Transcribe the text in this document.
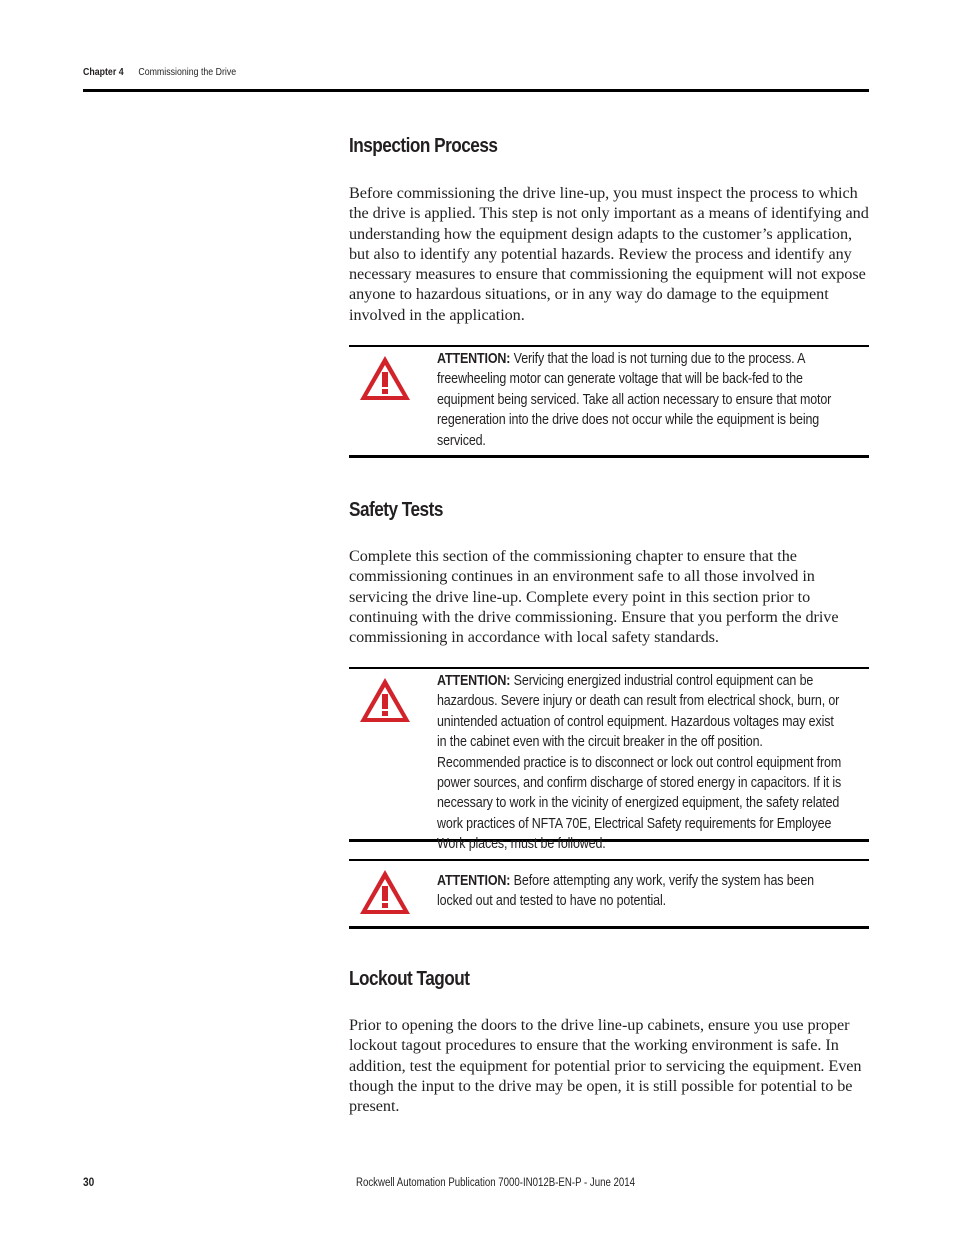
Chapter 4 Commissioning the Drive
Inspection Process

Before commissioning the drive line-up, you must inspect the process to which the drive is applied. This step is not only important as a means of identifying and understanding how the equipment design adapts to the customer’s application, but also to identify any potential hazards. Review the process and identify any necessary measures to ensure that commissioning the equipment will not expose anyone to hazardous situations, or in any way do damage to the equipment involved in the application.

ATTENTION: Verify that the load is not turning due to the process. A freewheeling motor can generate voltage that will be back-fed to the equipment being serviced. Take all action necessary to ensure that motor regeneration into the drive does not occur while the equipment is being serviced.
Safety Tests

Complete this section of the commissioning chapter to ensure that the commissioning continues in an environment safe to all those involved in servicing the drive line-up. Complete every point in this section prior to continuing with the drive commissioning. Ensure that you perform the drive commissioning in accordance with local safety standards.

ATTENTION: Servicing energized industrial control equipment can be hazardous. Severe injury or death can result from electrical shock, burn, or unintended actuation of control equipment. Hazardous voltages may exist in the cabinet even with the circuit breaker in the off position. Recommended practice is to disconnect or lock out control equipment from power sources, and confirm discharge of stored energy in capacitors. If it is necessary to work in the vicinity of energized equipment, the safety related work practices of NFTA 70E, Electrical Safety requirements for Employee Work places, must be followed.
ATTENTION: Before attempting any work, verify the system has been locked out and tested to have no potential.
Lockout Tagout

Prior to opening the doors to the drive line-up cabinets, ensure you use proper lockout tagout procedures to ensure that the working environment is safe. In addition, test the equipment for potential prior to servicing the equipment. Even though the input to the drive may be open, it is still possible for potential to be present.

30	Rockwell Automation Publication 7000-IN012B-EN-P - June 2014
